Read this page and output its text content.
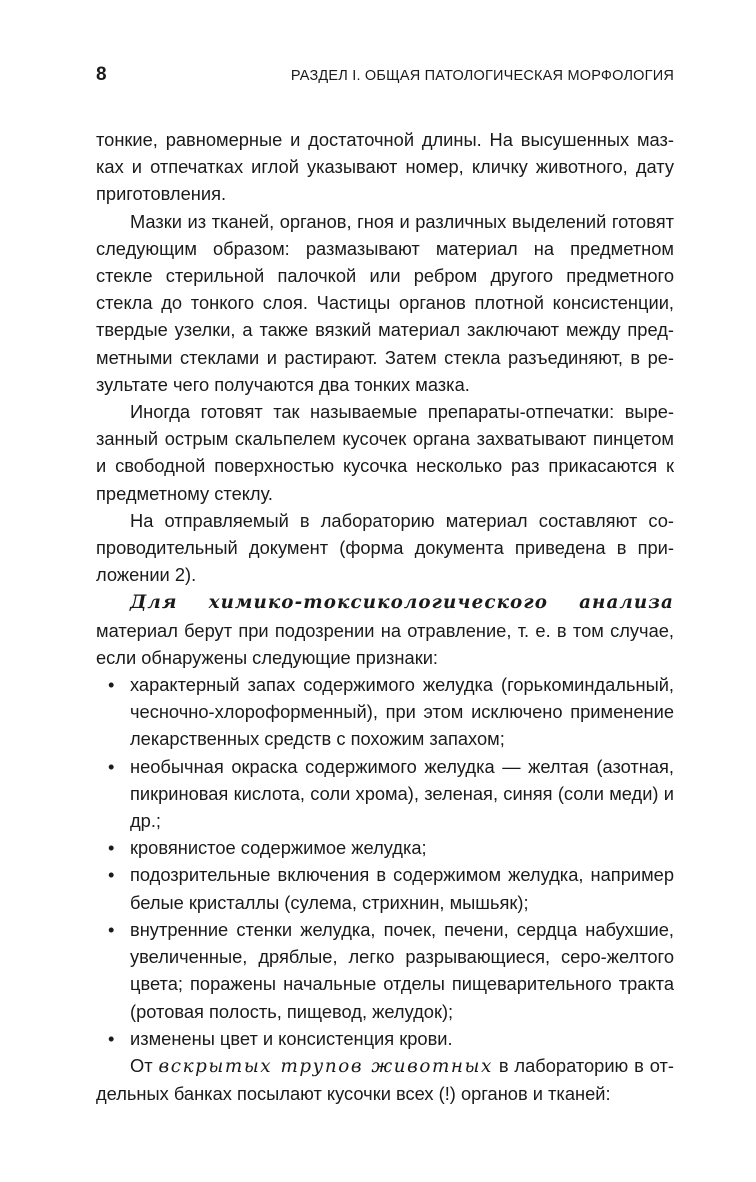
8	РАЗДЕЛ I. ОБЩАЯ ПАТОЛОГИЧЕСКАЯ МОРФОЛОГИЯ

тонкие, равномерные и достаточной длины. На высушенных мазках и отпечатках иглой указывают номер, кличку животного, дату приготовления.

Мазки из тканей, органов, гноя и различных выделений готовят следующим образом: размазывают материал на предметном стекле стерильной палочкой или ребром другого предметного стекла до тонкого слоя. Частицы органов плотной консистенции, твердые узелки, а также вязкий материал заключают между предметными стеклами и растирают. Затем стекла разъединяют, в результате чего получаются два тонких мазка.

Иногда готовят так называемые препараты-отпечатки: вырезанный острым скальпелем кусочек органа захватывают пинцетом и свободной поверхностью кусочка несколько раз прикасаются к предметному стеклу.

На отправляемый в лабораторию материал составляют сопроводительный документ (форма документа приведена в приложении 2).

Для химико-токсикологического анализа материал берут при подозрении на отравление, т. е. в том случае, если обнаружены следующие признаки:

• характерный запах содержимого желудка (горькоминдальный, чесночно-хлороформенный), при этом исключено применение лекарственных средств с похожим запахом;
• необычная окраска содержимого желудка — желтая (азотная, пикриновая кислота, соли хрома), зеленая, синяя (соли меди) и др.;
• кровянистое содержимое желудка;
• подозрительные включения в содержимом желудка, например белые кристаллы (сулема, стрихнин, мышьяк);
• внутренние стенки желудка, почек, печени, сердца набухшие, увеличенные, дряблые, легко разрывающиеся, серо-желтого цвета; поражены начальные отделы пищеварительного тракта (ротовая полость, пищевод, желудок);
• изменены цвет и консистенция крови.

От вскрытых трупов животных в лабораторию в отдельных банках посылают кусочки всех (!) органов и тканей:
